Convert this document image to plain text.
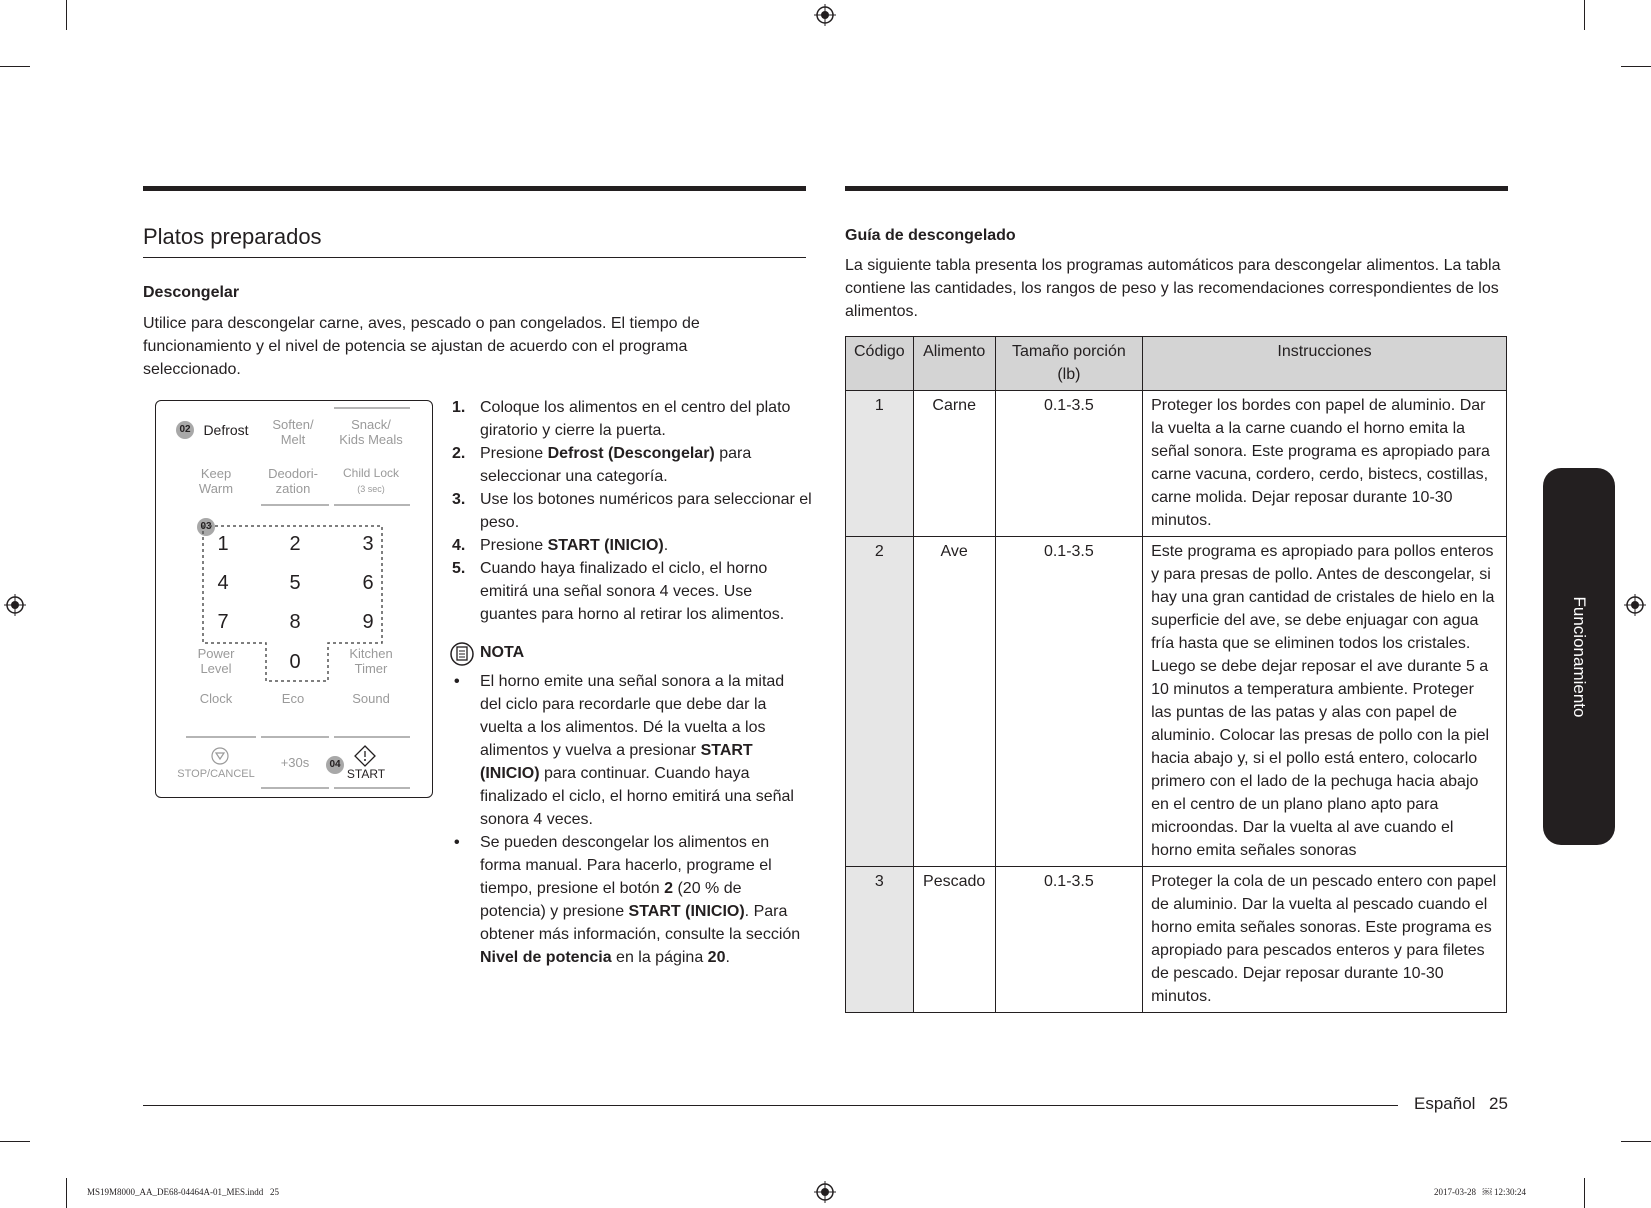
Platos preparados
Descongelar
Utilice para descongelar carne, aves, pescado o pan congelados. El tiempo de funcionamiento y el nivel de potencia se ajustan de acuerdo con el programa seleccionado.
02 Defrost	Soften/
Melt
Snack/
Kids Meals
Keep
Warm
Deodori-
zation
Child Lock
(3 sec)
03
1	2	3
4	5	6
7	8	9
Power
Level	0	Kitchen
Timer
Clock	Eco	Sound
STOP/CANCEL
+30s	04
START
1. Coloque los alimentos en el centro del plato giratorio y cierre la puerta.
2. Presione Defrost (Descongelar) para seleccionar una categoría.
3. Use los botones numéricos para seleccionar el peso.
4. Presione START (INICIO).
5. Cuando haya finalizado el ciclo, el horno emitirá una señal sonora 4 veces. Use guantes para horno al retirar los alimentos.
NOTA
• El horno emite una señal sonora a la mitad del ciclo para recordarle que debe dar la vuelta a los alimentos. Dé la vuelta a los alimentos y vuelva a presionar START (INICIO) para continuar. Cuando haya finalizado el ciclo, el horno emitirá una señal sonora 4 veces.
• Se pueden descongelar los alimentos en forma manual. Para hacerlo, programe el tiempo, presione el botón 2 (20 % de potencia) y presione START (INICIO). Para obtener más información, consulte la sección Nivel de potencia en la página 20.
Guía de descongelado
La siguiente tabla presenta los programas automáticos para descongelar alimentos. La tabla contiene las cantidades, los rangos de peso y las recomendaciones correspondientes de los alimentos.
Código	Alimento	Tamaño porción (lb)	Instrucciones
1	Carne	0.1-3.5	Proteger los bordes con papel de aluminio. Dar la vuelta a la carne cuando el horno emita la señal sonora. Este programa es apropiado para carne vacuna, cordero, cerdo, bistecs, costillas, carne molida. Dejar reposar durante 10-30 minutos.
2	Ave	0.1-3.5	Este programa es apropiado para pollos enteros y para presas de pollo. Antes de descongelar, si hay una gran cantidad de cristales de hielo en la superficie del ave, se debe enjuagar con agua fría hasta que se eliminen todos los cristales. Luego se debe dejar reposar el ave durante 5 a 10 minutos a temperatura ambiente. Proteger las puntas de las patas y alas con papel de aluminio. Colocar las presas de pollo con la piel hacia abajo y, si el pollo está entero, colocarlo primero con el lado de la pechuga hacia abajo en el centro de un plano plano apto para microondas. Dar la vuelta al ave cuando el horno emita señales sonoras
3	Pescado	0.1-3.5	Proteger la cola de un pescado entero con papel de aluminio. Dar la vuelta al pescado cuando el horno emita señales sonoras. Este programa es apropiado para pescados enteros y para filetes de pescado. Dejar reposar durante 10-30 minutos.
Funcionamiento
Español 25
MS19M8000_AA_DE68-04464A-01_MES.indd   25	2017-03-28   ￼ 12:30:24
